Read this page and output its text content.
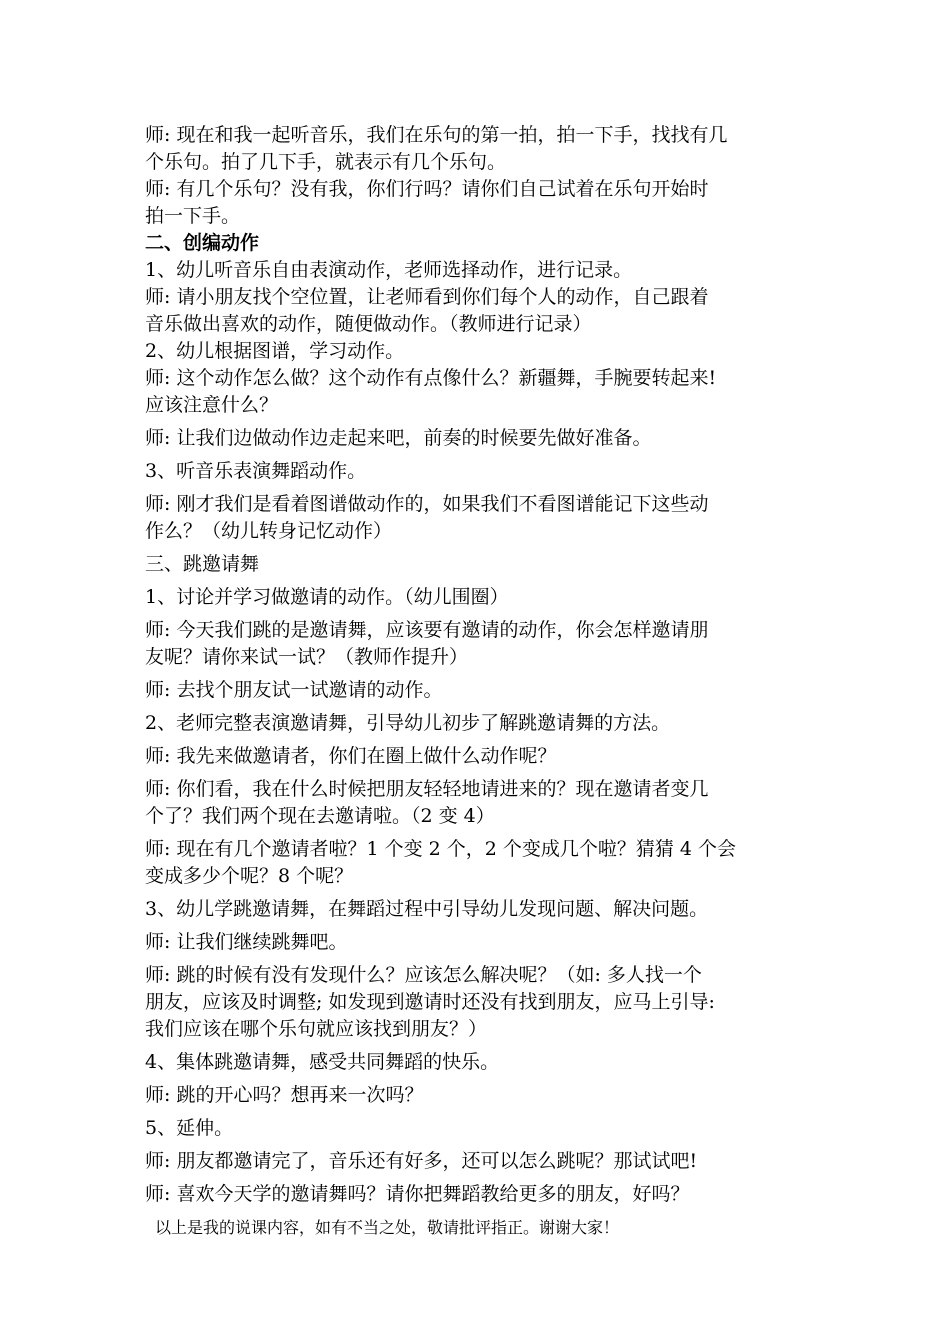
师: 现在和我一起听音乐，我们在乐句的第一拍，拍一下手，找找有几
个乐句。拍了几下手，就表示有几个乐句。
师: 有几个乐句？没有我，你们行吗？请你们自己试着在乐句开始时
拍一下手。
二、创编动作
1、幼儿听音乐自由表演动作，老师选择动作，进行记录。
师: 请小朋友找个空位置，让老师看到你们每个人的动作，自己跟着
音乐做出喜欢的动作，随便做动作。（教师进行记录）
2、幼儿根据图谱，学习动作。
师: 这个动作怎么做？这个动作有点像什么？新疆舞，手腕要转起来!
应该注意什么？
师: 让我们边做动作边走起来吧，前奏的时候要先做好准备。
3、听音乐表演舞蹈动作。
师: 刚才我们是看着图谱做动作的，如果我们不看图谱能记下这些动
作么？（幼儿转身记忆动作）
三、跳邀请舞
1、讨论并学习做邀请的动作。（幼儿围圈）
师: 今天我们跳的是邀请舞，应该要有邀请的动作，你会怎样邀请朋
友呢？请你来试一试？（教师作提升）
师: 去找个朋友试一试邀请的动作。
2、老师完整表演邀请舞，引导幼儿初步了解跳邀请舞的方法。
师: 我先来做邀请者，你们在圈上做什么动作呢？
师: 你们看，我在什么时候把朋友轻轻地请进来的？现在邀请者变几
个了？我们两个现在去邀请啦。（2 变 4）
师: 现在有几个邀请者啦？1 个变 2 个，2 个变成几个啦？猜猜 4 个会
变成多少个呢？8 个呢？
3、幼儿学跳邀请舞，在舞蹈过程中引导幼儿发现问题、解决问题。
师: 让我们继续跳舞吧。
师: 跳的时候有没有发现什么？应该怎么解决呢？（如: 多人找一个
朋友，应该及时调整; 如发现到邀请时还没有找到朋友，应马上引导:
我们应该在哪个乐句就应该找到朋友？）
4、集体跳邀请舞，感受共同舞蹈的快乐。
师: 跳的开心吗？想再来一次吗？
5、延伸。
师: 朋友都邀请完了，音乐还有好多，还可以怎么跳呢？那试试吧!
师: 喜欢今天学的邀请舞吗？请你把舞蹈教给更多的朋友，好吗？
以上是我的说课内容，如有不当之处，敬请批评指正。谢谢大家！
